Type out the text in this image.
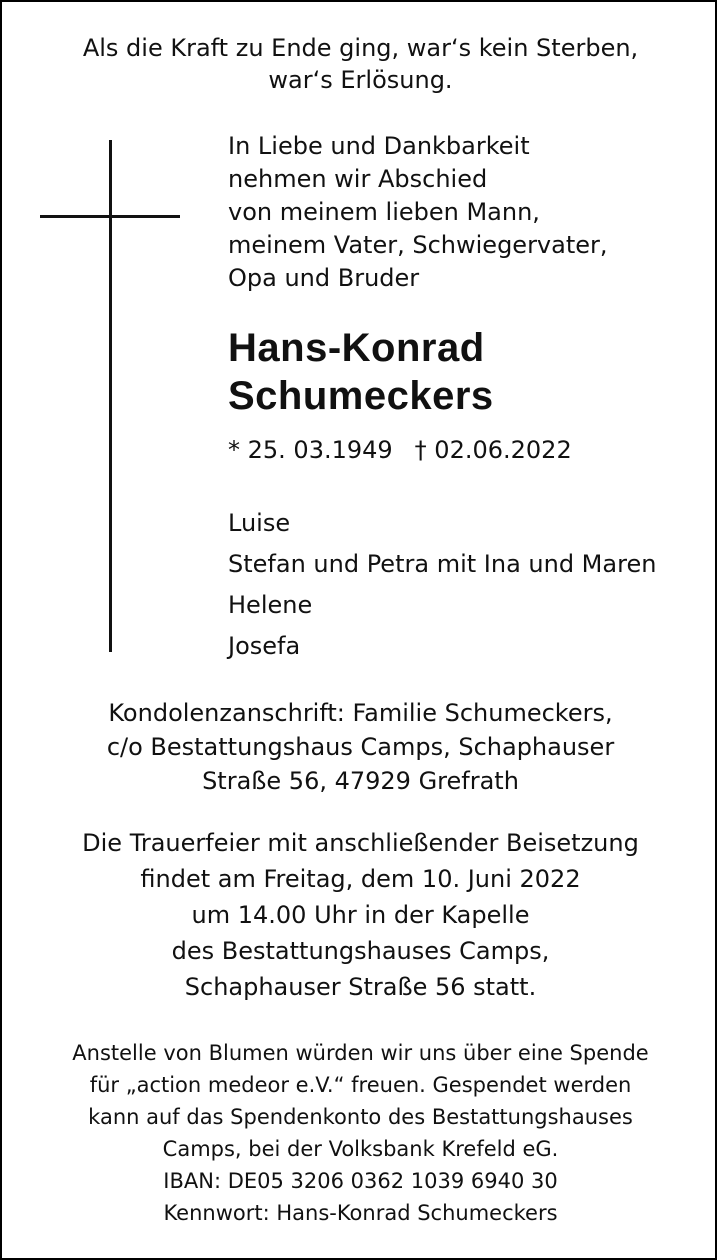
Als die Kraft zu Ende ging, war‘s kein Sterben,
war‘s Erlösung.
In Liebe und Dankbarkeit
nehmen wir Abschied
von meinem lieben Mann,
meinem Vater, Schwiegervater,
Opa und Bruder
Hans-Konrad
Schumeckers
* 25. 03.1949 † 02.06.2022
Luise
Stefan und Petra mit Ina und Maren
Helene
Josefa
Kondolenzanschrift: Familie Schumeckers,
c/o Bestattungshaus Camps, Schaphauser
Straße 56, 47929 Grefrath
Die Trauerfeier mit anschließender Beisetzung
findet am Freitag, dem 10. Juni 2022
um 14.00 Uhr in der Kapelle
des Bestattungshauses Camps,
Schaphauser Straße 56 statt.
Anstelle von Blumen würden wir uns über eine Spende
für „action medeor e.V.“ freuen. Gespendet werden
kann auf das Spendenkonto des Bestattungshauses
Camps, bei der Volksbank Krefeld eG.
IBAN: DE05 3206 0362 1039 6940 30
Kennwort: Hans-Konrad Schumeckers
